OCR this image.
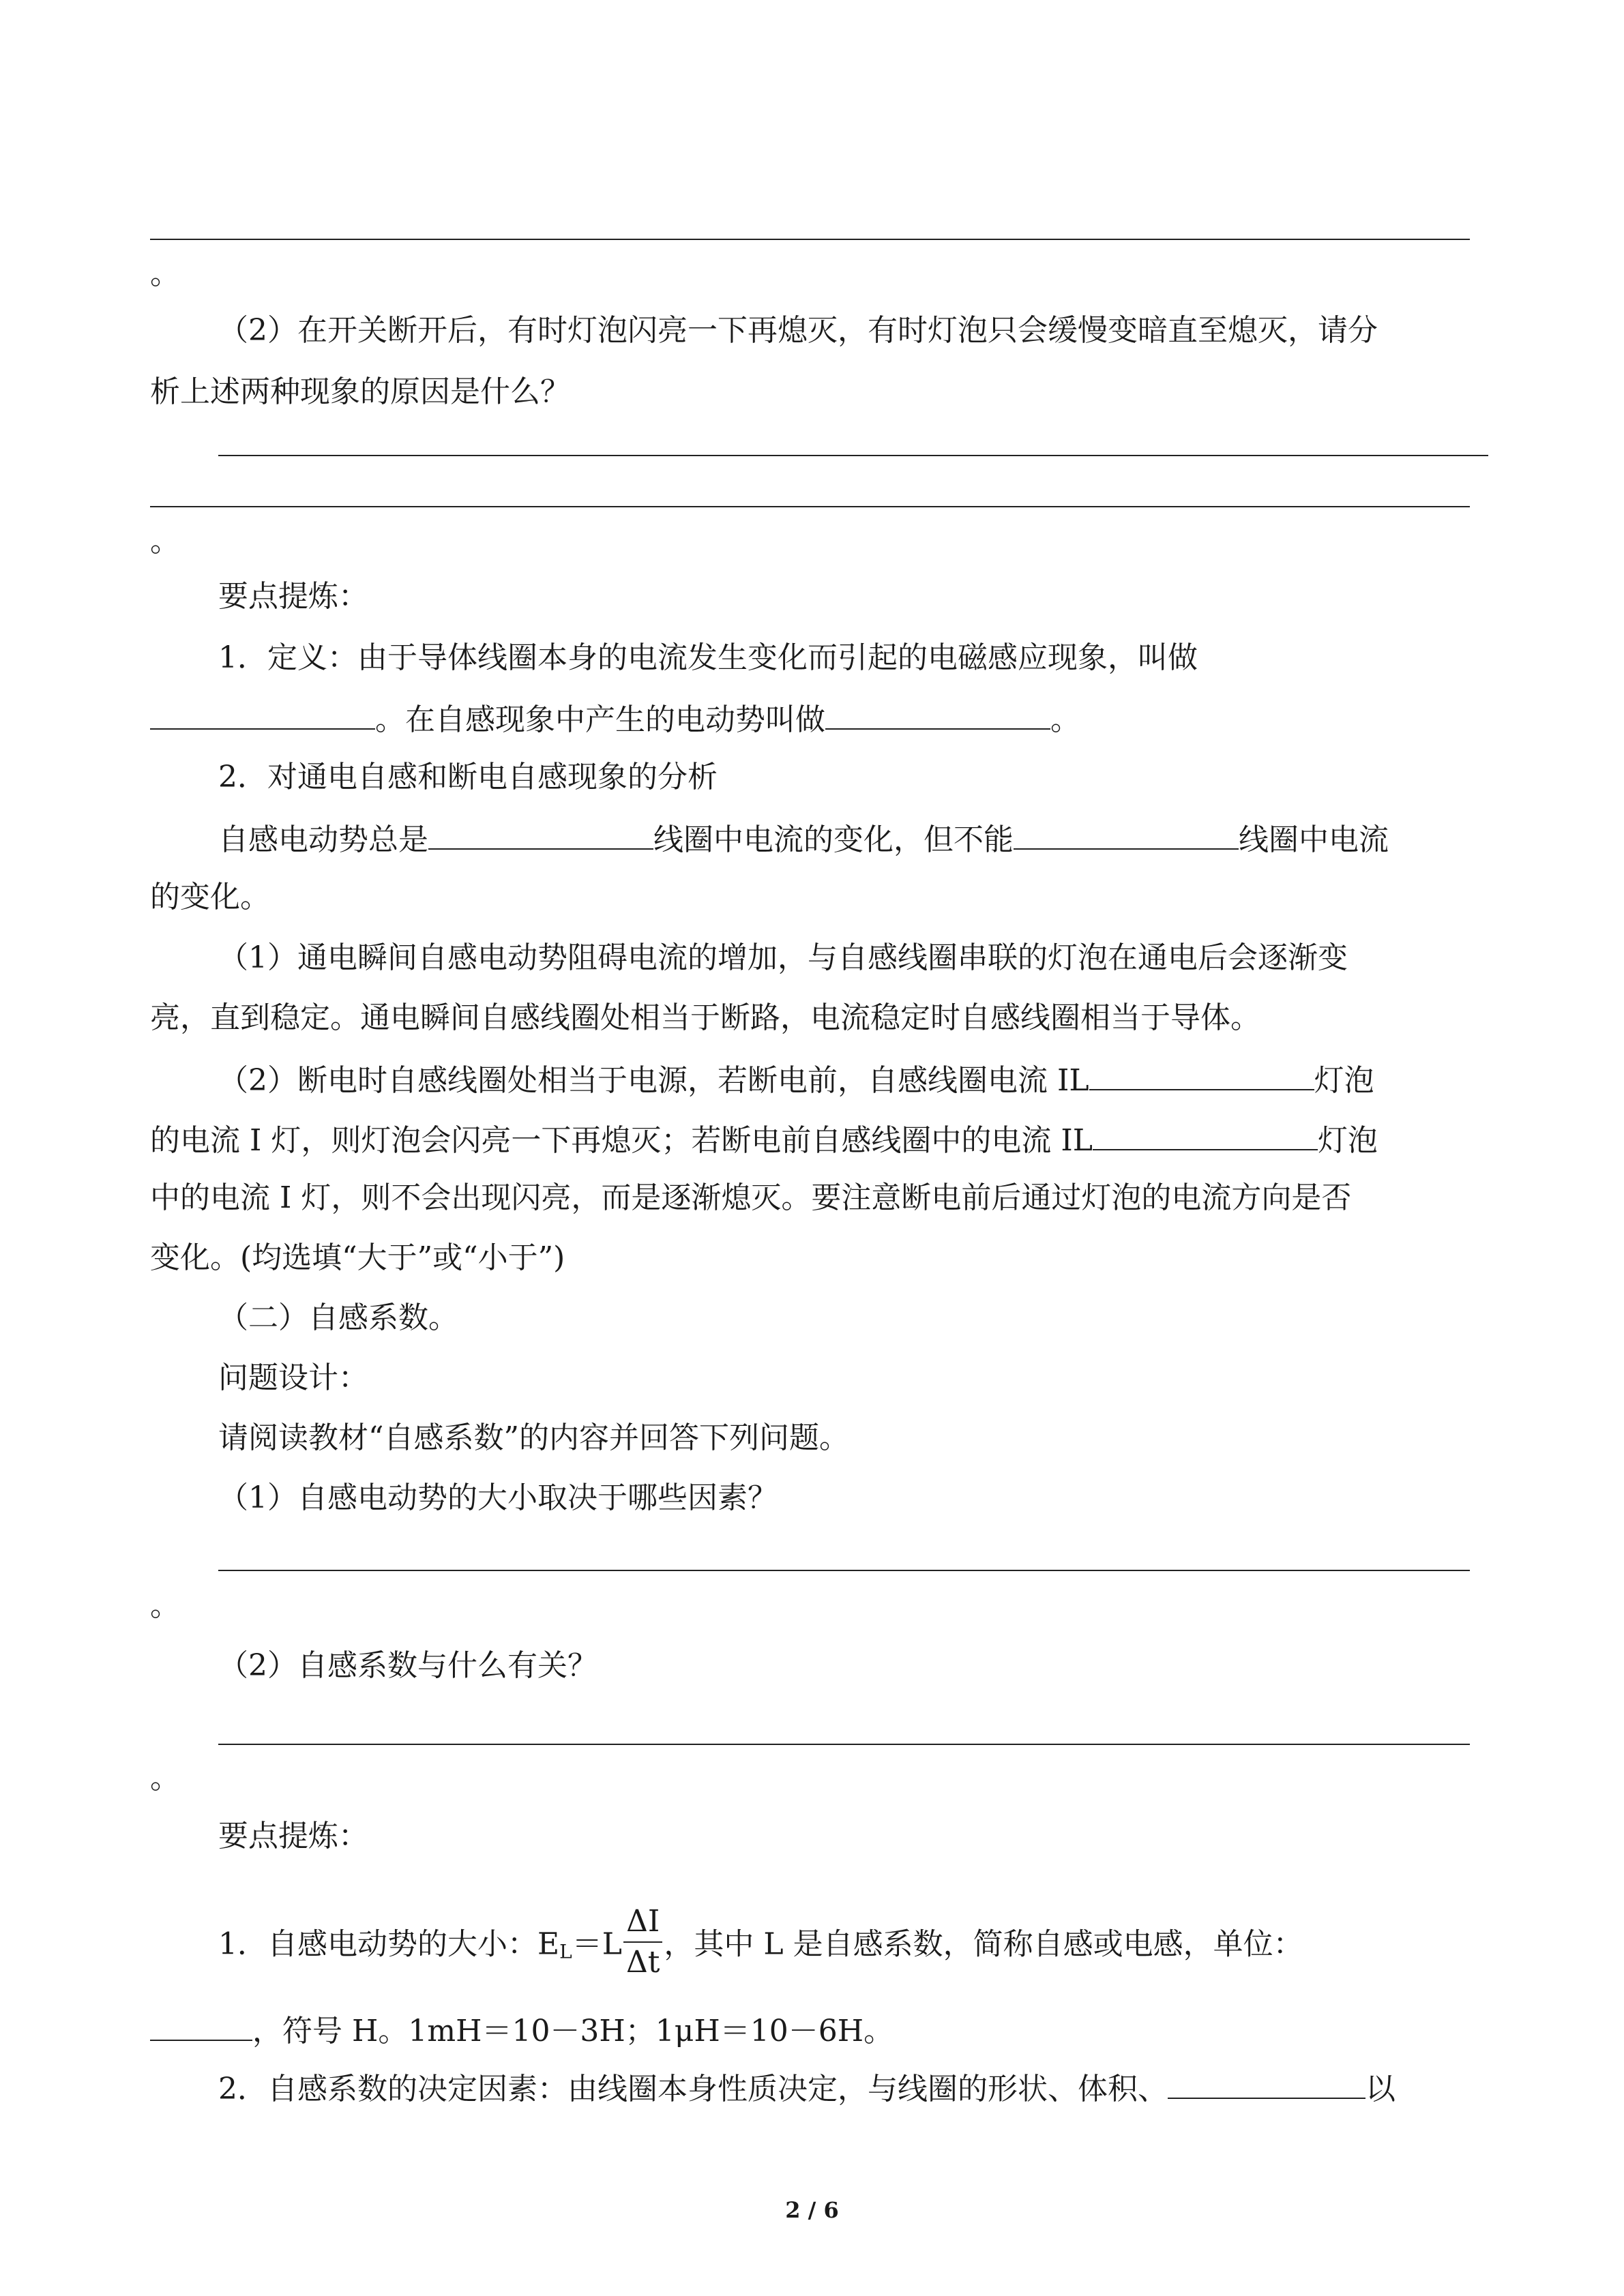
。
（2）在开关断开后，有时灯泡闪亮一下再熄灭，有时灯泡只会缓慢变暗直至熄灭，请分
析上述两种现象的原因是什么？
。
要点提炼：
1．定义：由于导体线圈本身的电流发生变化而引起的电磁感应现象，叫做
。在自感现象中产生的电动势叫做	。
2．对通电自感和断电自感现象的分析
自感电动势总是	线圈中电流的变化，但不能	线圈中电流
的变化。
（1）通电瞬间自感电动势阻碍电流的增加，与自感线圈串联的灯泡在通电后会逐渐变
亮，直到稳定。通电瞬间自感线圈处相当于断路，电流稳定时自感线圈相当于导体。
（2）断电时自感线圈处相当于电源，若断电前，自感线圈电流 IL	灯泡
的电流 I 灯，则灯泡会闪亮一下再熄灭；若断电前自感线圈中的电流 IL	灯泡
中的电流 I 灯，则不会出现闪亮，而是逐渐熄灭。要注意断电前后通过灯泡的电流方向是否
变化。(均选填“大于”或“小于”)
（二）自感系数。
问题设计：
请阅读教材“自感系数”的内容并回答下列问题。
（1）自感电动势的大小取决于哪些因素？
。
（2）自感系数与什么有关？
。
要点提炼：
1．自感电动势的大小：$E_L=L \frac{\Delta I}{\Delta t}$ ，其中 L 是自感系数，简称自感或电感，单位：
，符号 H。1mH＝10－3H；1μH＝10－6H。
2．自感系数的决定因素：由线圈本身性质决定，与线圈的形状、体积、	以
2 / 6
